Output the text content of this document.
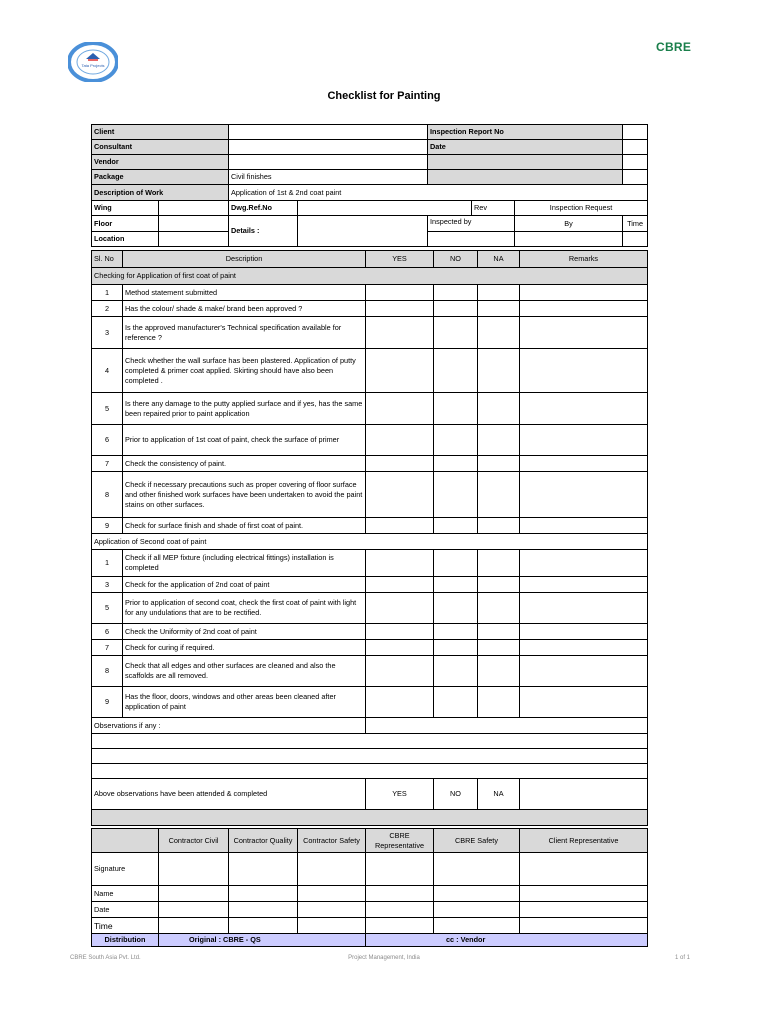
Tata Projects
CBRE
Checklist for Painting
Client				Inspection Report No			
Consultant				Date			
Vendor							
Package		Civil finishes					
Description of Work		Application of 1st & 2nd coat paint					
Wing		Dwg.Ref.No			Rev	Inspection Request	
Floor		Details :		Inspected by		By	Time
Location							
Sl. No	Description	YES	NO	NA	Remarks
Checking for Application of first coat of paint					
1	Method statement submitted				
2	Has the colour/ shade & make/ brand been approved ?				
3	Is the approved manufacturer's Technical specification available for reference ?				
4	Check whether the wall surface has been plastered. Application of putty completed & primer coat applied. Skirting should have also been completed .				
5	Is there any damage to the putty applied surface and if yes, has the same been repaired prior to paint application				
6	Prior to application of 1st coat of paint, check the surface of primer				
7	Check the consistency of paint.				
8	Check if necessary precautions such as proper covering of floor surface and other finished work surfaces have been undertaken to avoid the paint stains on other surfaces.				
9	Check for surface finish and shade of first coat of paint.				
Application of Second coat of paint					
1	Check if all MEP fixture (including electrical fittings) installation is completed				
3	Check for the application of 2nd coat of paint				
5	Prior to application of second coat, check the first coat of paint with light for any undulations that are to be rectified.				
6	Check the Uniformity of 2nd coat of paint				
7	Check for curing if required.				
8	Check that all edges and other surfaces are cleaned and also the scaffolds are all removed.				
9	Has the floor, doors, windows and other areas been cleaned after application of paint				
Observations if any :					

Above observations have been attended & completed		YES	NO	NA	

	Contractor Civil	Contractor Quality	Contractor Safety	CBRE Representative	CBRE Safety	Client Representative
Signature						
Name						
Date						
Time						
Distribution	Original : CBRE - QS			cc : Vendor		
CBRE South Asia Pvt. Ltd.	Project Management, India	1 of 1
